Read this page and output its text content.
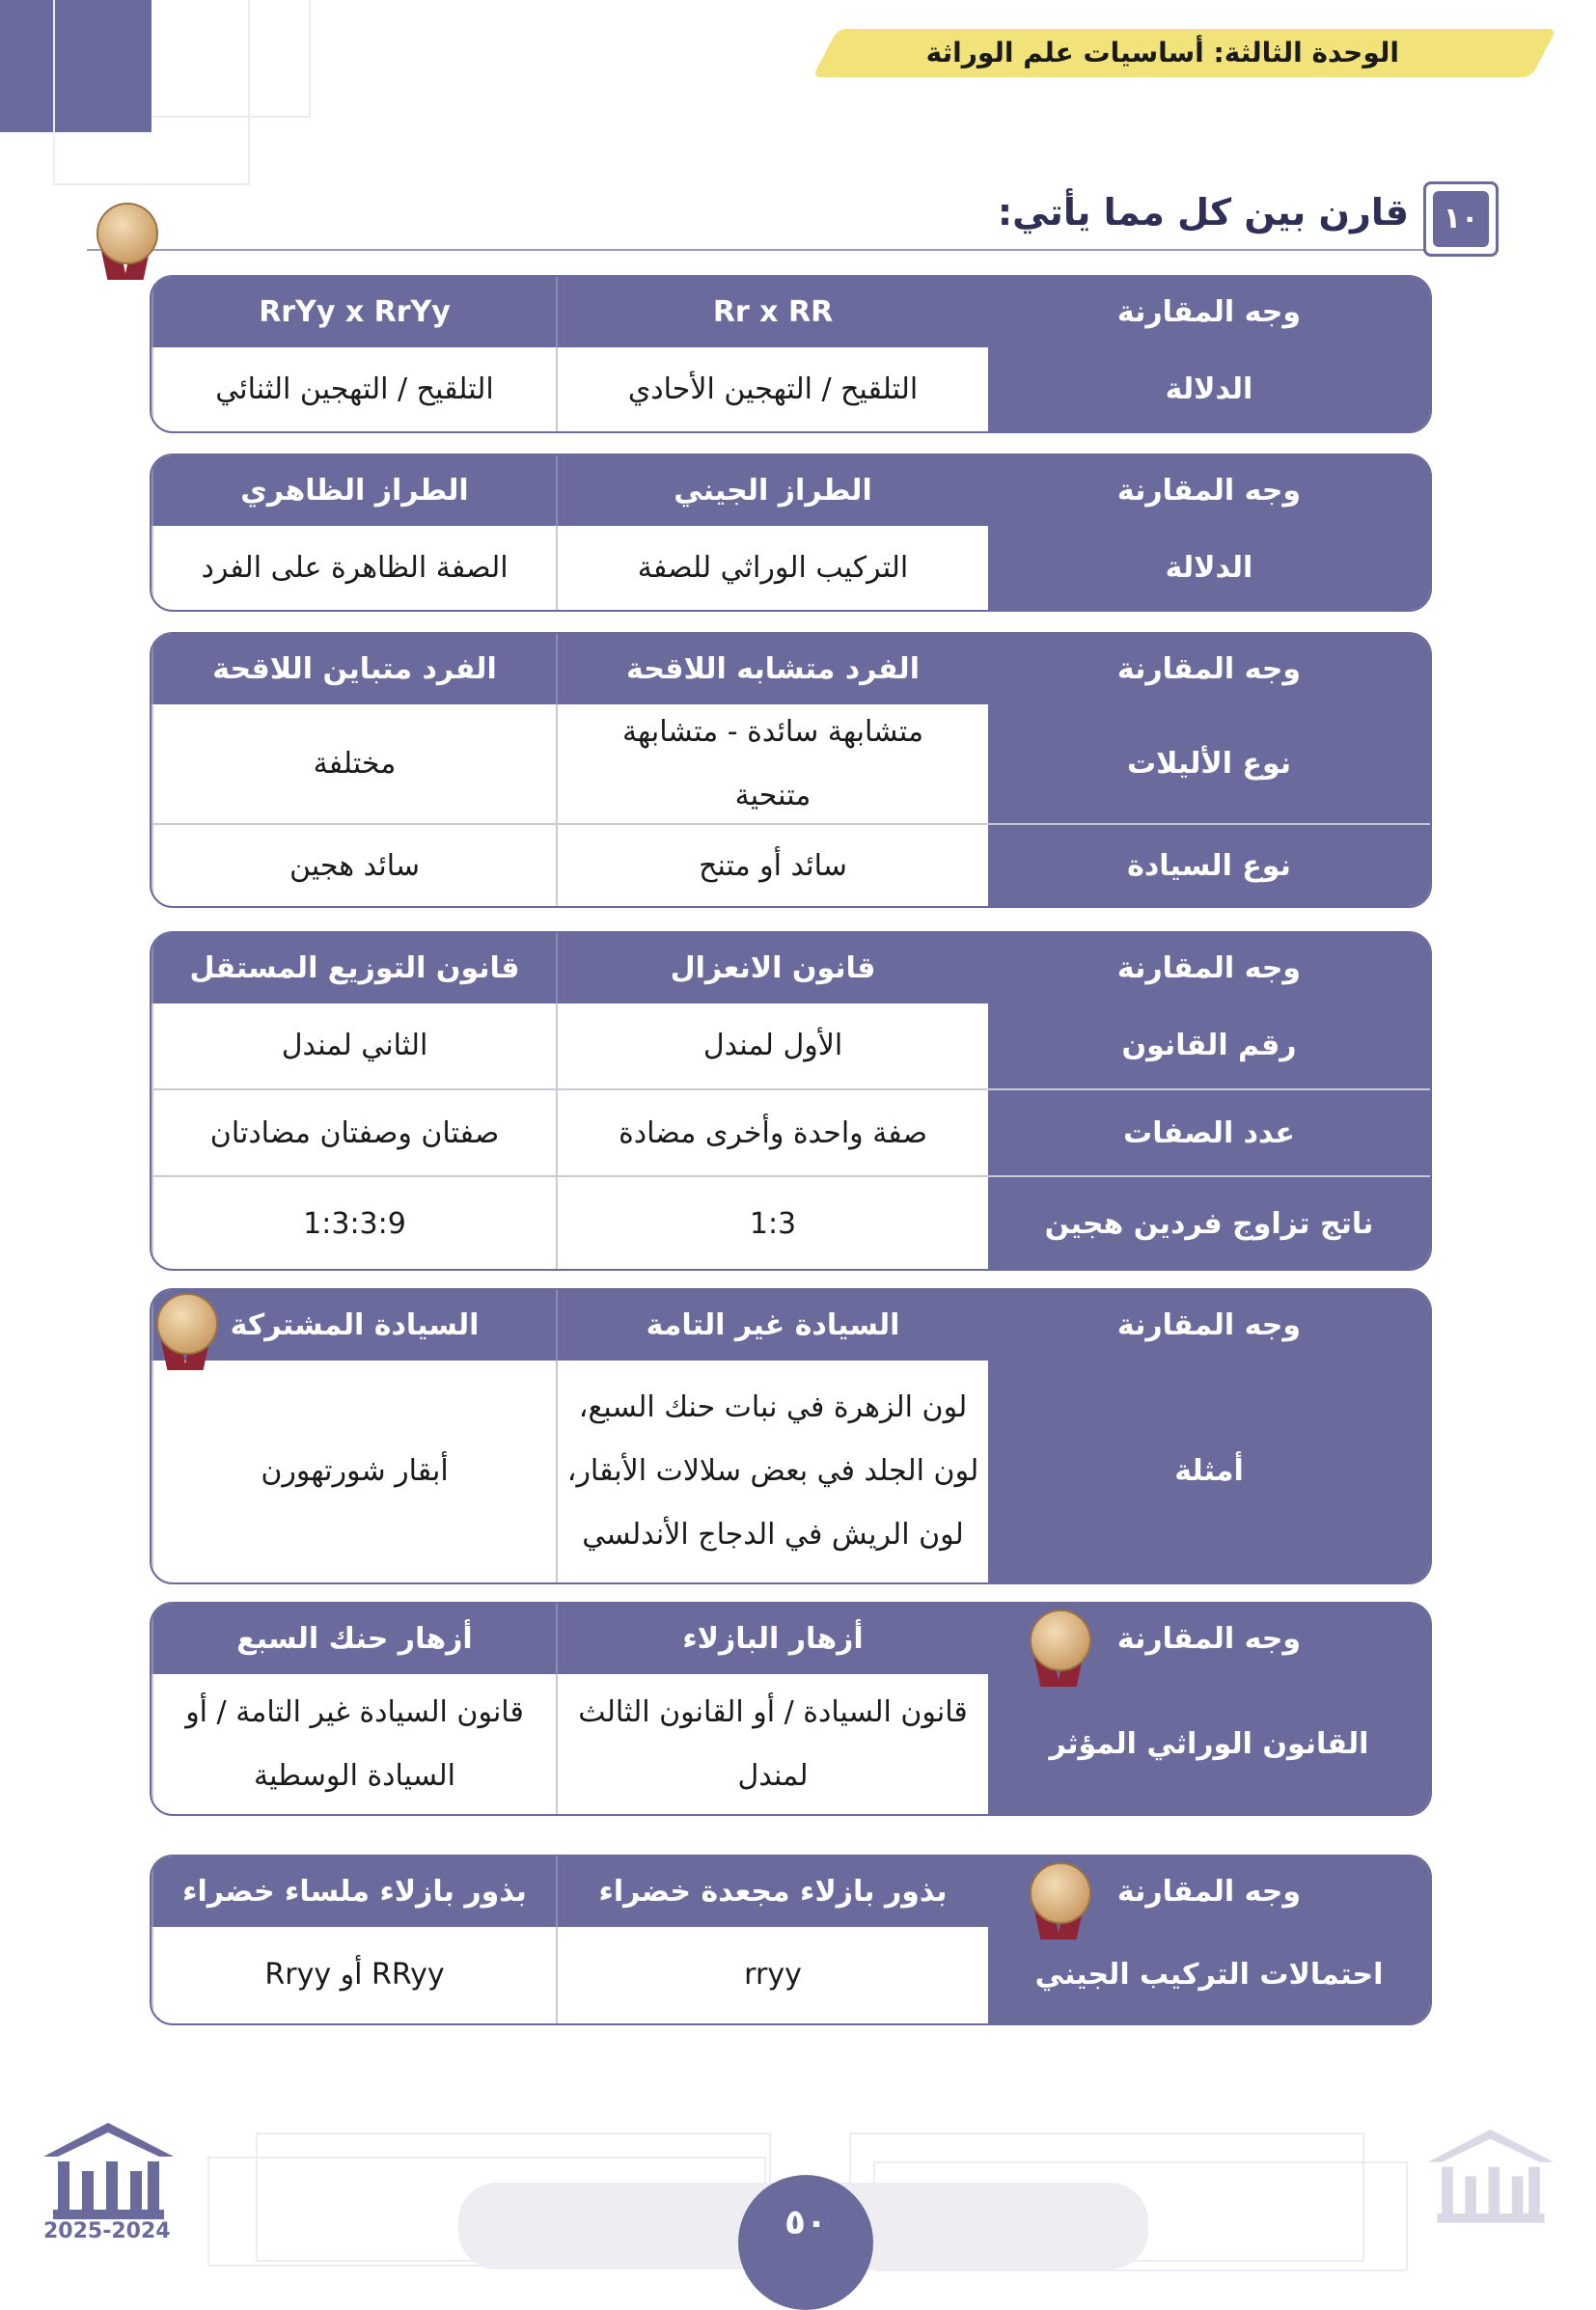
الوحدة الثالثة: أساسيات علم الوراثة
١٠
قارن بين كل مما يأتي:
وجه المقارنة
Rr x RR
RrYy x RrYy
الدلالة
التلقيح / التهجين الأحادي
التلقيح / التهجين الثنائي
وجه المقارنة
الطراز الجيني
الطراز الظاهري
الدلالة
التركيب الوراثي للصفة
الصفة الظاهرة على الفرد
وجه المقارنة
الفرد متشابه اللاقحة
الفرد متباين اللاقحة
نوع الأليلات
متشابهة سائدة - متشابهة متنحية
مختلفة
نوع السيادة
سائد أو متنح
سائد هجين
وجه المقارنة
قانون الانعزال
قانون التوزيع المستقل
رقم القانون
الأول لمندل
الثاني لمندل
عدد الصفات
صفة واحدة وأخرى مضادة
صفتان وصفتان مضادتان
ناتج تزاوج فردين هجين
1:3
1:3:3:9
وجه المقارنة
السيادة غير التامة
السيادة المشتركة
أمثلة
لون الزهرة في نبات حنك السبع، لون الجلد في بعض سلالات الأبقار، لون الريش في الدجاج الأندلسي
أبقار شورتهورن
وجه المقارنة
أزهار البازلاء
أزهار حنك السبع
القانون الوراثي المؤثر
قانون السيادة / أو القانون الثالث لمندل
قانون السيادة غير التامة / أو السيادة الوسطية
وجه المقارنة
بذور بازلاء مجعدة خضراء
بذور بازلاء ملساء خضراء
احتمالات التركيب الجيني
rryy
RRyy أو Rryy
٥٠
2025-2024
